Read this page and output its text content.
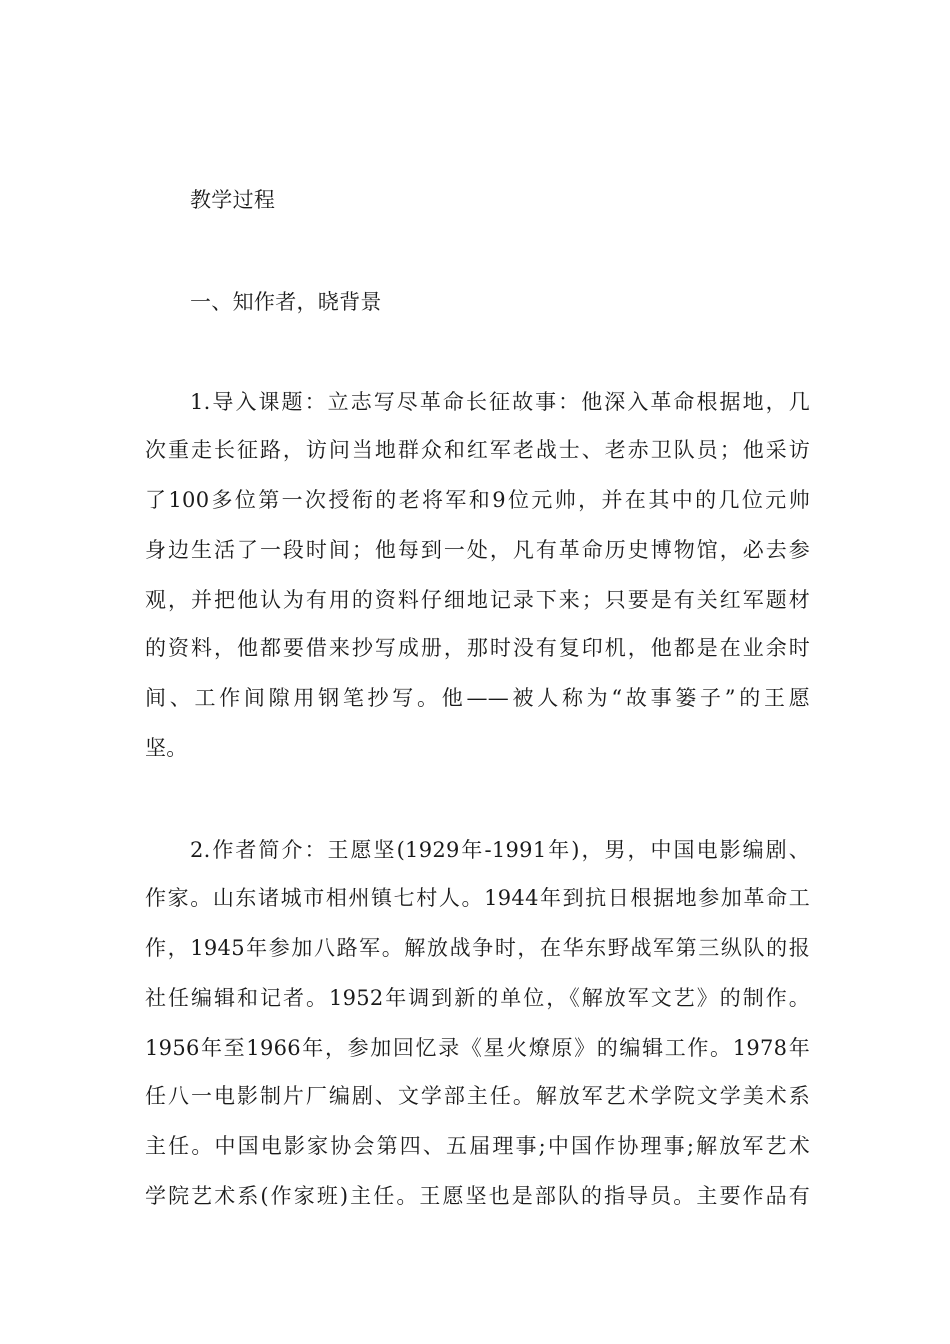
教学过程
一、知作者，晓背景
1.导入课题：立志写尽革命长征故事：他深入革命根据地，几
次重走长征路，访问当地群众和红军老战士、老赤卫队员；他采访
了100多位第一次授衔的老将军和9位元帅，并在其中的几位元帅
身边生活了一段时间；他每到一处，凡有革命历史博物馆，必去参
观，并把他认为有用的资料仔细地记录下来；只要是有关红军题材
的资料，他都要借来抄写成册，那时没有复印机，他都是在业余时
间、工作间隙用钢笔抄写。他——被人称为“故事篓子”的王愿
坚。
2.作者简介：王愿坚(1929年-1991年)，男，中国电影编剧、
作家。山东诸城市相州镇七村人。1944年到抗日根据地参加革命工
作，1945年参加八路军。解放战争时，在华东野战军第三纵队的报
社任编辑和记者。1952年调到新的单位，《解放军文艺》的制作。
1956年至1966年，参加回忆录《星火燎原》的编辑工作。1978年
任八一电影制片厂编剧、文学部主任。解放军艺术学院文学美术系
主任。中国电影家协会第四、五届理事;中国作协理事;解放军艺术
学院艺术系(作家班)主任。王愿坚也是部队的指导员。主要作品有
